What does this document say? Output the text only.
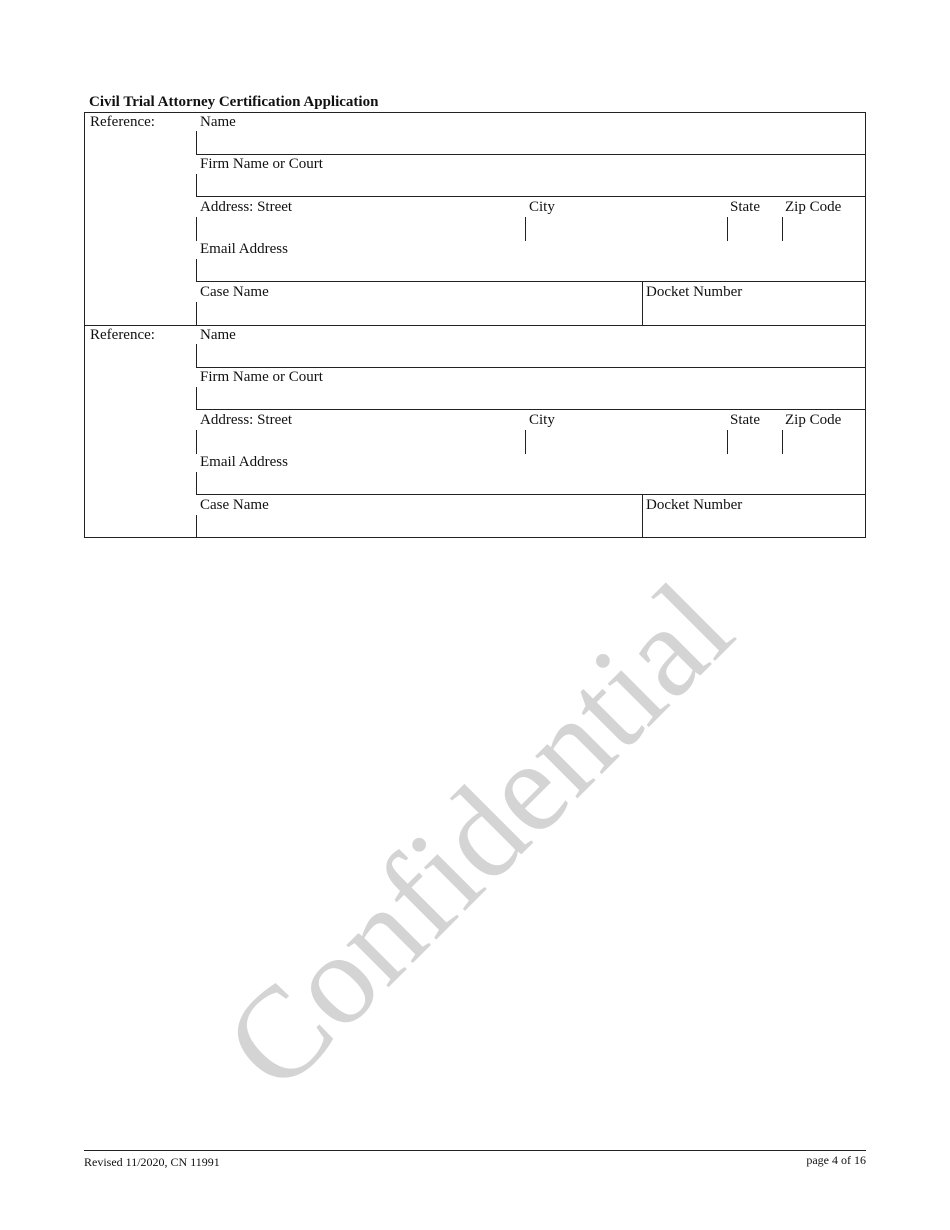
Confidential
Civil Trial Attorney Certification Application
Reference:	Name
Firm Name or Court
Address: Street	City	State Zip Code
Email Address
Case Name	Docket Number
Reference:	Name
Firm Name or Court
Address: Street	City	State Zip Code
Email Address
Case Name	Docket Number
Revised 11/2020, CN 11991	page 4 of 16
